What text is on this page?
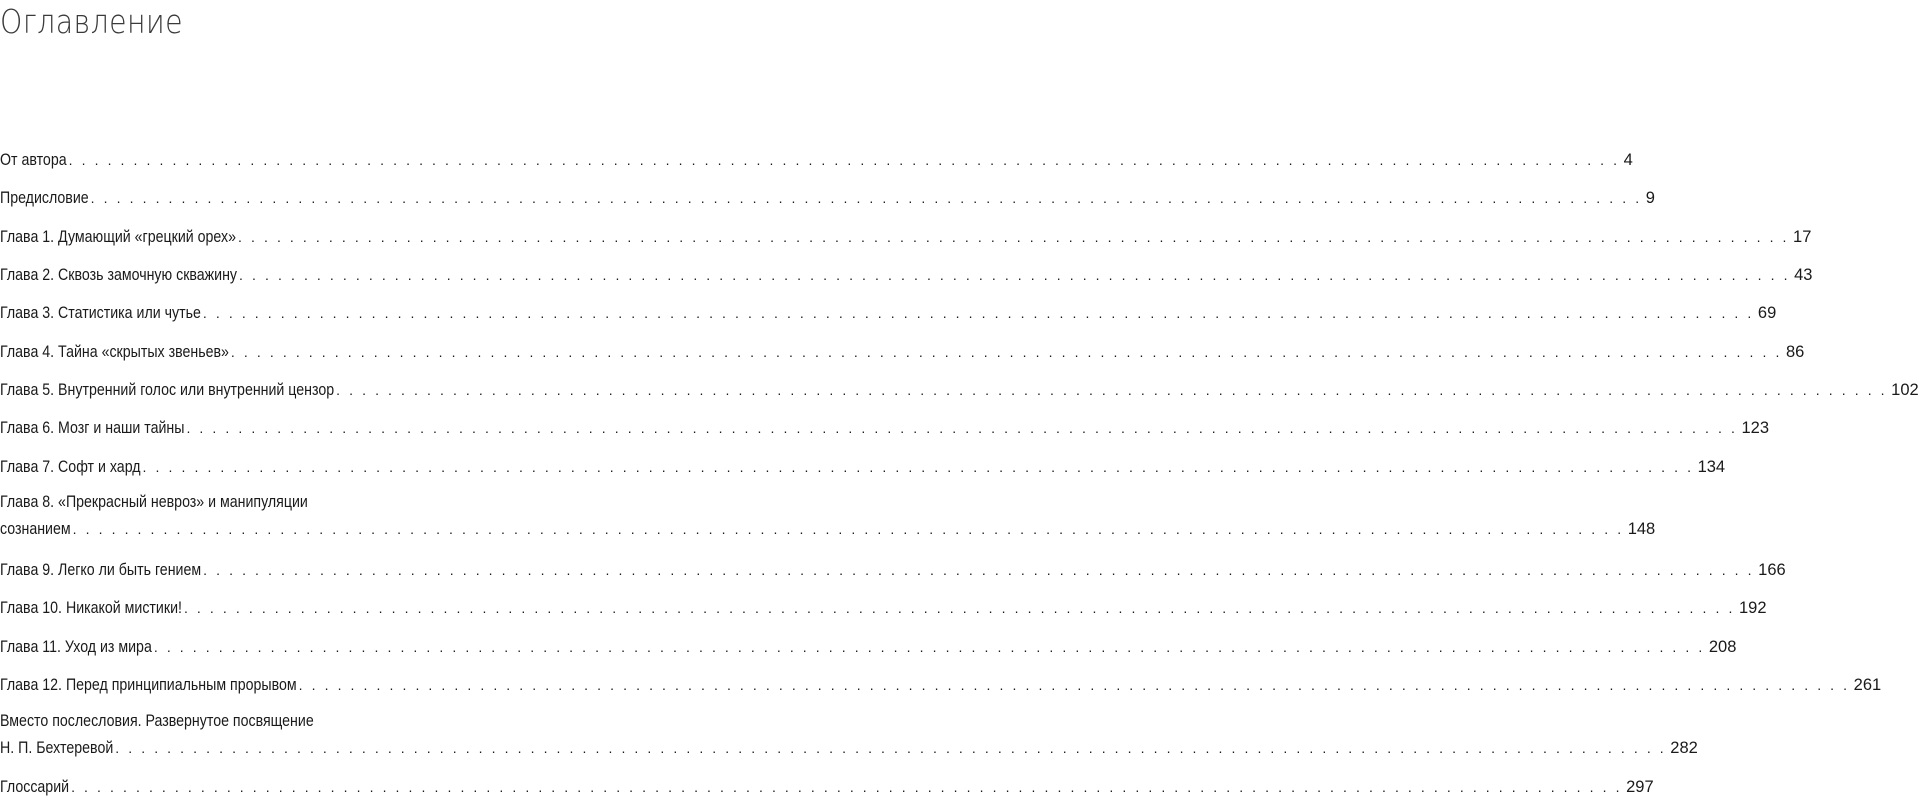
Оглавление
От автора . . . . . . . . . . . . . . . . . . . . . . . . . . . . . . . . . . . . . . . . . . . . . . . . . . . . . . . . . . . . . . . . . . . . . . . . . . . . . . . . . . . . . . . . . . . . . . . . . . . . . . . . . . . . . . . . . . . . . . . . 4
Предисловие . . . . . . . . . . . . . . . . . . . . . . . . . . . . . . . . . . . . . . . . . . . . . . . . . . . . . . . . . . . . . . . . . . . . . . . . . . . . . . . . . . . . . . . . . . . . . . . . . . . . . . . . . . . . . . . . . . . . . . . . 9
Глава 1. Думающий «грецкий орех» . . . . . . . . . . . . . . . . . . . . . . . . . . . . . . . . . . . . . . . . . . . . . . . . . . . . . . . . . . . . . . . . . . . . . . . . . . . . . . . . . . . . . . . . . . . . . . . . . . . . . . . . . . . . . . . . . . . . . . . . 17
Глава 2. Сквозь замочную скважину . . . . . . . . . . . . . . . . . . . . . . . . . . . . . . . . . . . . . . . . . . . . . . . . . . . . . . . . . . . . . . . . . . . . . . . . . . . . . . . . . . . . . . . . . . . . . . . . . . . . . . . . . . . . . . . . . . . . . . . . 43
Глава 3. Статистика или чутье . . . . . . . . . . . . . . . . . . . . . . . . . . . . . . . . . . . . . . . . . . . . . . . . . . . . . . . . . . . . . . . . . . . . . . . . . . . . . . . . . . . . . . . . . . . . . . . . . . . . . . . . . . . . . . . . . . . . . . . . 69
Глава 4. Тайна «скрытых звеньев» . . . . . . . . . . . . . . . . . . . . . . . . . . . . . . . . . . . . . . . . . . . . . . . . . . . . . . . . . . . . . . . . . . . . . . . . . . . . . . . . . . . . . . . . . . . . . . . . . . . . . . . . . . . . . . . . . . . . . . . . 86
Глава 5. Внутренний голос или внутренний цензор . . . . . . . . . . . . . . . . . . . . . . . . . . . . . . . . . . . . . . . . . . . . . . . . . . . . . . . . . . . . . . . . . . . . . . . . . . . . . . . . . . . . . . . . . . . . . . . . . . . . . . . . . . . . . . . . . . . . . . . . 102
Глава 6. Мозг и наши тайны . . . . . . . . . . . . . . . . . . . . . . . . . . . . . . . . . . . . . . . . . . . . . . . . . . . . . . . . . . . . . . . . . . . . . . . . . . . . . . . . . . . . . . . . . . . . . . . . . . . . . . . . . . . . . . . . . . . . . . . . 123
Глава 7. Софт и хард . . . . . . . . . . . . . . . . . . . . . . . . . . . . . . . . . . . . . . . . . . . . . . . . . . . . . . . . . . . . . . . . . . . . . . . . . . . . . . . . . . . . . . . . . . . . . . . . . . . . . . . . . . . . . . . . . . . . . . . . 134
Глава 8. «Прекрасный невроз» и манипуляции
сознанием . . . . . . . . . . . . . . . . . . . . . . . . . . . . . . . . . . . . . . . . . . . . . . . . . . . . . . . . . . . . . . . . . . . . . . . . . . . . . . . . . . . . . . . . . . . . . . . . . . . . . . . . . . . . . . . . . . . . . . . . 148
Глава 9. Легко ли быть гением . . . . . . . . . . . . . . . . . . . . . . . . . . . . . . . . . . . . . . . . . . . . . . . . . . . . . . . . . . . . . . . . . . . . . . . . . . . . . . . . . . . . . . . . . . . . . . . . . . . . . . . . . . . . . . . . . . . . . . . . 166
Глава 10. Никакой мистики! . . . . . . . . . . . . . . . . . . . . . . . . . . . . . . . . . . . . . . . . . . . . . . . . . . . . . . . . . . . . . . . . . . . . . . . . . . . . . . . . . . . . . . . . . . . . . . . . . . . . . . . . . . . . . . . . . . . . . . . . 192
Глава 11. Уход из мира . . . . . . . . . . . . . . . . . . . . . . . . . . . . . . . . . . . . . . . . . . . . . . . . . . . . . . . . . . . . . . . . . . . . . . . . . . . . . . . . . . . . . . . . . . . . . . . . . . . . . . . . . . . . . . . . . . . . . . . . 208
Глава 12. Перед принципиальным прорывом . . . . . . . . . . . . . . . . . . . . . . . . . . . . . . . . . . . . . . . . . . . . . . . . . . . . . . . . . . . . . . . . . . . . . . . . . . . . . . . . . . . . . . . . . . . . . . . . . . . . . . . . . . . . . . . . . . . . . . . . 261
Вместо послесловия. Развернутое посвящение
Н. П. Бехтеревой . . . . . . . . . . . . . . . . . . . . . . . . . . . . . . . . . . . . . . . . . . . . . . . . . . . . . . . . . . . . . . . . . . . . . . . . . . . . . . . . . . . . . . . . . . . . . . . . . . . . . . . . . . . . . . . . . . . . . . . . 282
Глоссарий . . . . . . . . . . . . . . . . . . . . . . . . . . . . . . . . . . . . . . . . . . . . . . . . . . . . . . . . . . . . . . . . . . . . . . . . . . . . . . . . . . . . . . . . . . . . . . . . . . . . . . . . . . . . . . . . . . . . . . . . 297
